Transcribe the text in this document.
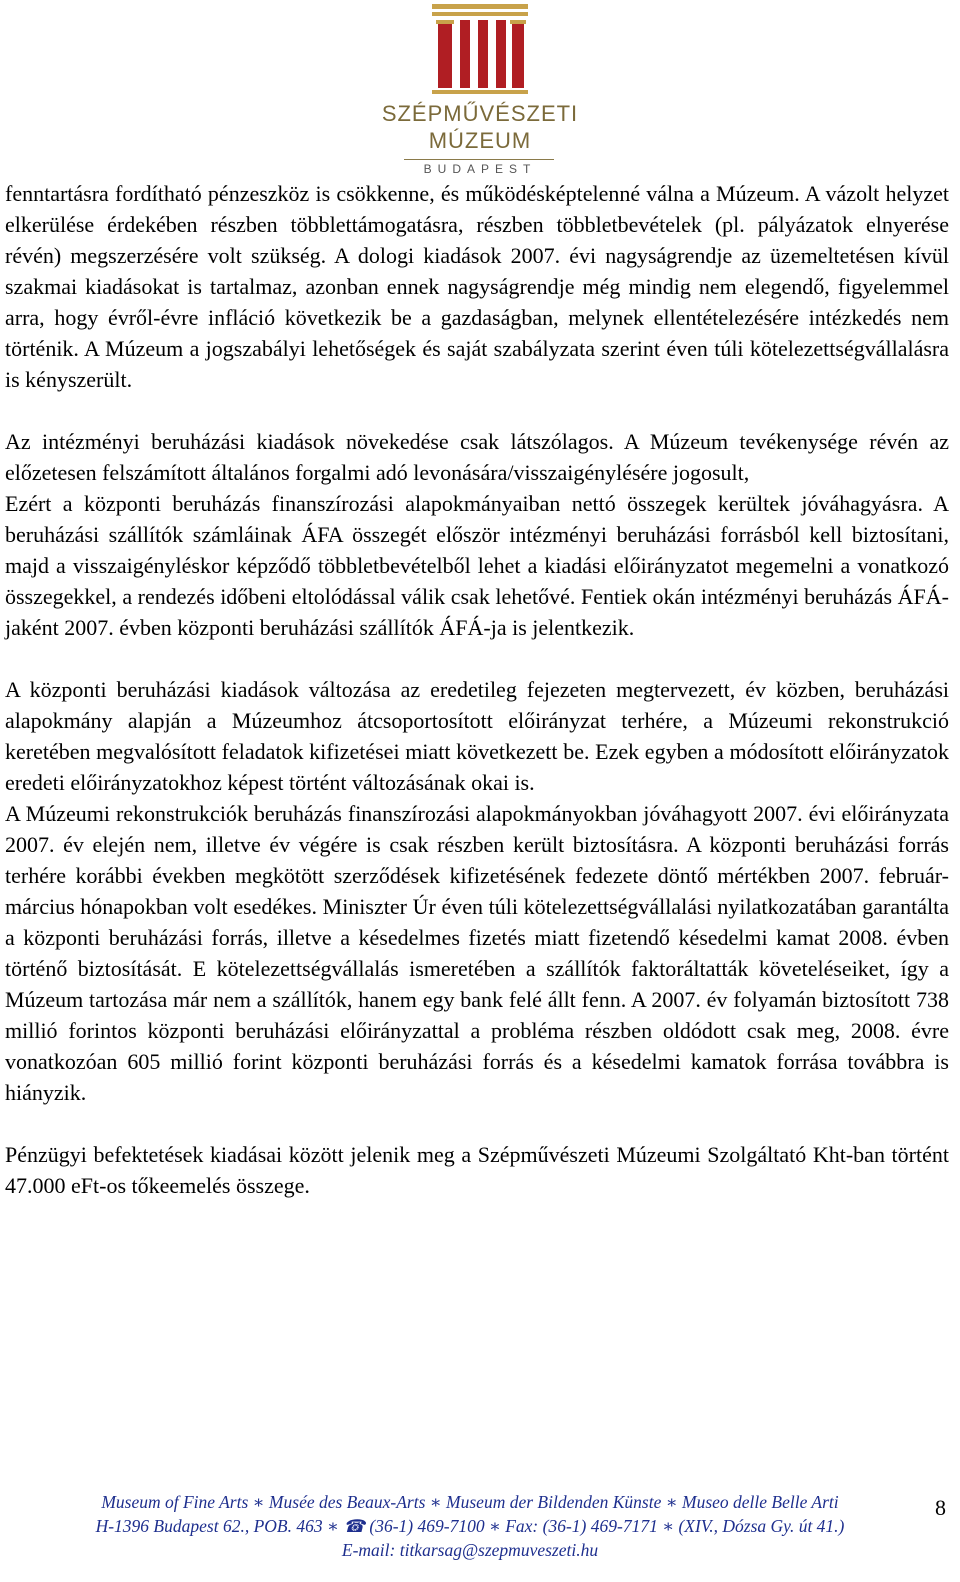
SZÉPMŰVÉSZETI
MÚZEUM
BUDAPEST

fenntartásra fordítható pénzeszköz is csökkenne, és működésképtelenné válna a Múzeum. A vázolt helyzet elkerülése érdekében részben többlettámogatásra, részben többletbevételek (pl. pályázatok elnyerése révén) megszerzésére volt szükség. A dologi kiadások 2007. évi nagyságrendje az üzemeltetésen kívül szakmai kiadásokat is tartalmaz, azonban ennek nagyságrendje még mindig nem elegendő, figyelemmel arra, hogy évről-évre infláció következik be a gazdaságban, melynek ellentételezésére intézkedés nem történik. A Múzeum a jogszabályi lehetőségek és saját szabályzata szerint éven túli kötelezettségvállalásra is kényszerült.

Az intézményi beruházási kiadások növekedése csak látszólagos. A Múzeum tevékenysége révén az előzetesen felszámított általános forgalmi adó levonására/visszaigénylésére jogosult,

Ezért a központi beruházás finanszírozási alapokmányaiban nettó összegek kerültek jóváhagyásra. A beruházási szállítók számláinak ÁFA összegét először intézményi beruházási forrásból kell biztosítani, majd a visszaigényléskor képződő többletbevételből lehet a kiadási előirányzatot megemelni a vonatkozó összegekkel, a rendezés időbeni eltolódással válik csak lehetővé. Fentiek okán intézményi beruházás ÁFÁ-jaként 2007. évben központi beruházási szállítók ÁFÁ-ja is jelentkezik.

A központi beruházási kiadások változása az eredetileg fejezeten megtervezett, év közben, beruházási alapokmány alapján a Múzeumhoz átcsoportosított előirányzat terhére, a Múzeumi rekonstrukció keretében megvalósított feladatok kifizetései miatt következett be. Ezek egyben a módosított előirányzatok eredeti előirányzatokhoz képest történt változásának okai is.

A Múzeumi rekonstrukciók beruházás finanszírozási alapokmányokban jóváhagyott 2007. évi előirányzata 2007. év elején nem, illetve év végére is csak részben került biztosításra. A központi beruházási forrás terhére korábbi években megkötött szerződések kifizetésének fedezete döntő mértékben 2007. február-március hónapokban volt esedékes. Miniszter Úr éven túli kötelezettségvállalási nyilatkozatában garantálta a központi beruházási forrás, illetve a késedelmes fizetés miatt fizetendő késedelmi kamat 2008. évben történő biztosítását. E kötelezettségvállalás ismeretében a szállítók faktoráltatták követeléseiket, így a Múzeum tartozása már nem a szállítók, hanem egy bank felé állt fenn. A 2007. év folyamán biztosított 738 millió forintos központi beruházási előirányzattal a probléma részben oldódott csak meg, 2008. évre vonatkozóan 605 millió forint központi beruházási forrás és a késedelmi kamatok forrása továbbra is hiányzik.

Pénzügyi befektetések kiadásai között jelenik meg a Szépművészeti Múzeumi Szolgáltató Kht-ban történt 47.000 eFt-os tőkeemelés összege.

Museum of Fine Arts ∗ Musée des Beaux-Arts ∗ Museum der Bildenden Künste ∗ Museo delle Belle Arti
H-1396 Budapest 62., POB. 463 ∗ ☎ (36-1) 469-7100 ∗ Fax: (36-1) 469-7171 ∗ (XIV., Dózsa Gy. út 41.)
E-mail: titkarsag@szepmuveszeti.hu
8
